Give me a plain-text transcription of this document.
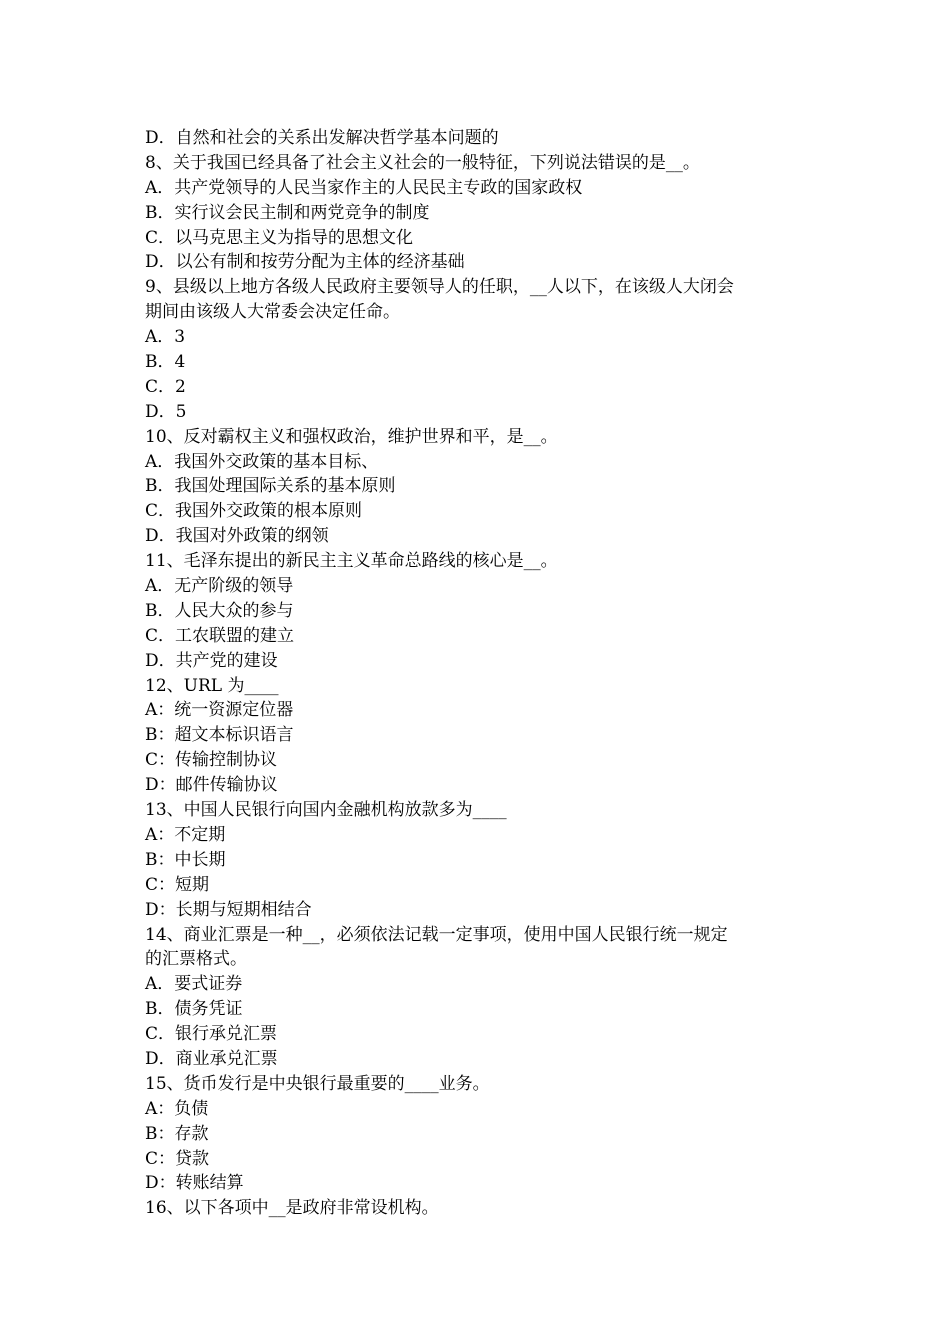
D．自然和社会的关系出发解决哲学基本问题的
8、关于我国已经具备了社会主义社会的一般特征，下列说法错误的是__。
A．共产党领导的人民当家作主的人民民主专政的国家政权
B．实行议会民主制和两党竞争的制度
C．以马克思主义为指导的思想文化
D．以公有制和按劳分配为主体的经济基础
9、县级以上地方各级人民政府主要领导人的任职，__人以下，在该级人大闭会
期间由该级人大常委会决定任命。
A．3
B．4
C．2
D．5
10、反对霸权主义和强权政治，维护世界和平，是__。
A．我国外交政策的基本目标、
B．我国处理国际关系的基本原则
C．我国外交政策的根本原则
D．我国对外政策的纲领
11、毛泽东提出的新民主主义革命总路线的核心是__。
A．无产阶级的领导
B．人民大众的参与
C．工农联盟的建立
D．共产党的建设
12、URL 为____
A：统一资源定位器
B：超文本标识语言
C：传输控制协议
D：邮件传输协议
13、中国人民银行向国内金融机构放款多为____
A：不定期
B：中长期
C：短期
D：长期与短期相结合
14、商业汇票是一种__，必须依法记载一定事项，使用中国人民银行统一规定
的汇票格式。
A．要式证券
B．债务凭证
C．银行承兑汇票
D．商业承兑汇票
15、货币发行是中央银行最重要的____业务。
A：负债
B：存款
C：贷款
D：转账结算
16、以下各项中__是政府非常设机构。
